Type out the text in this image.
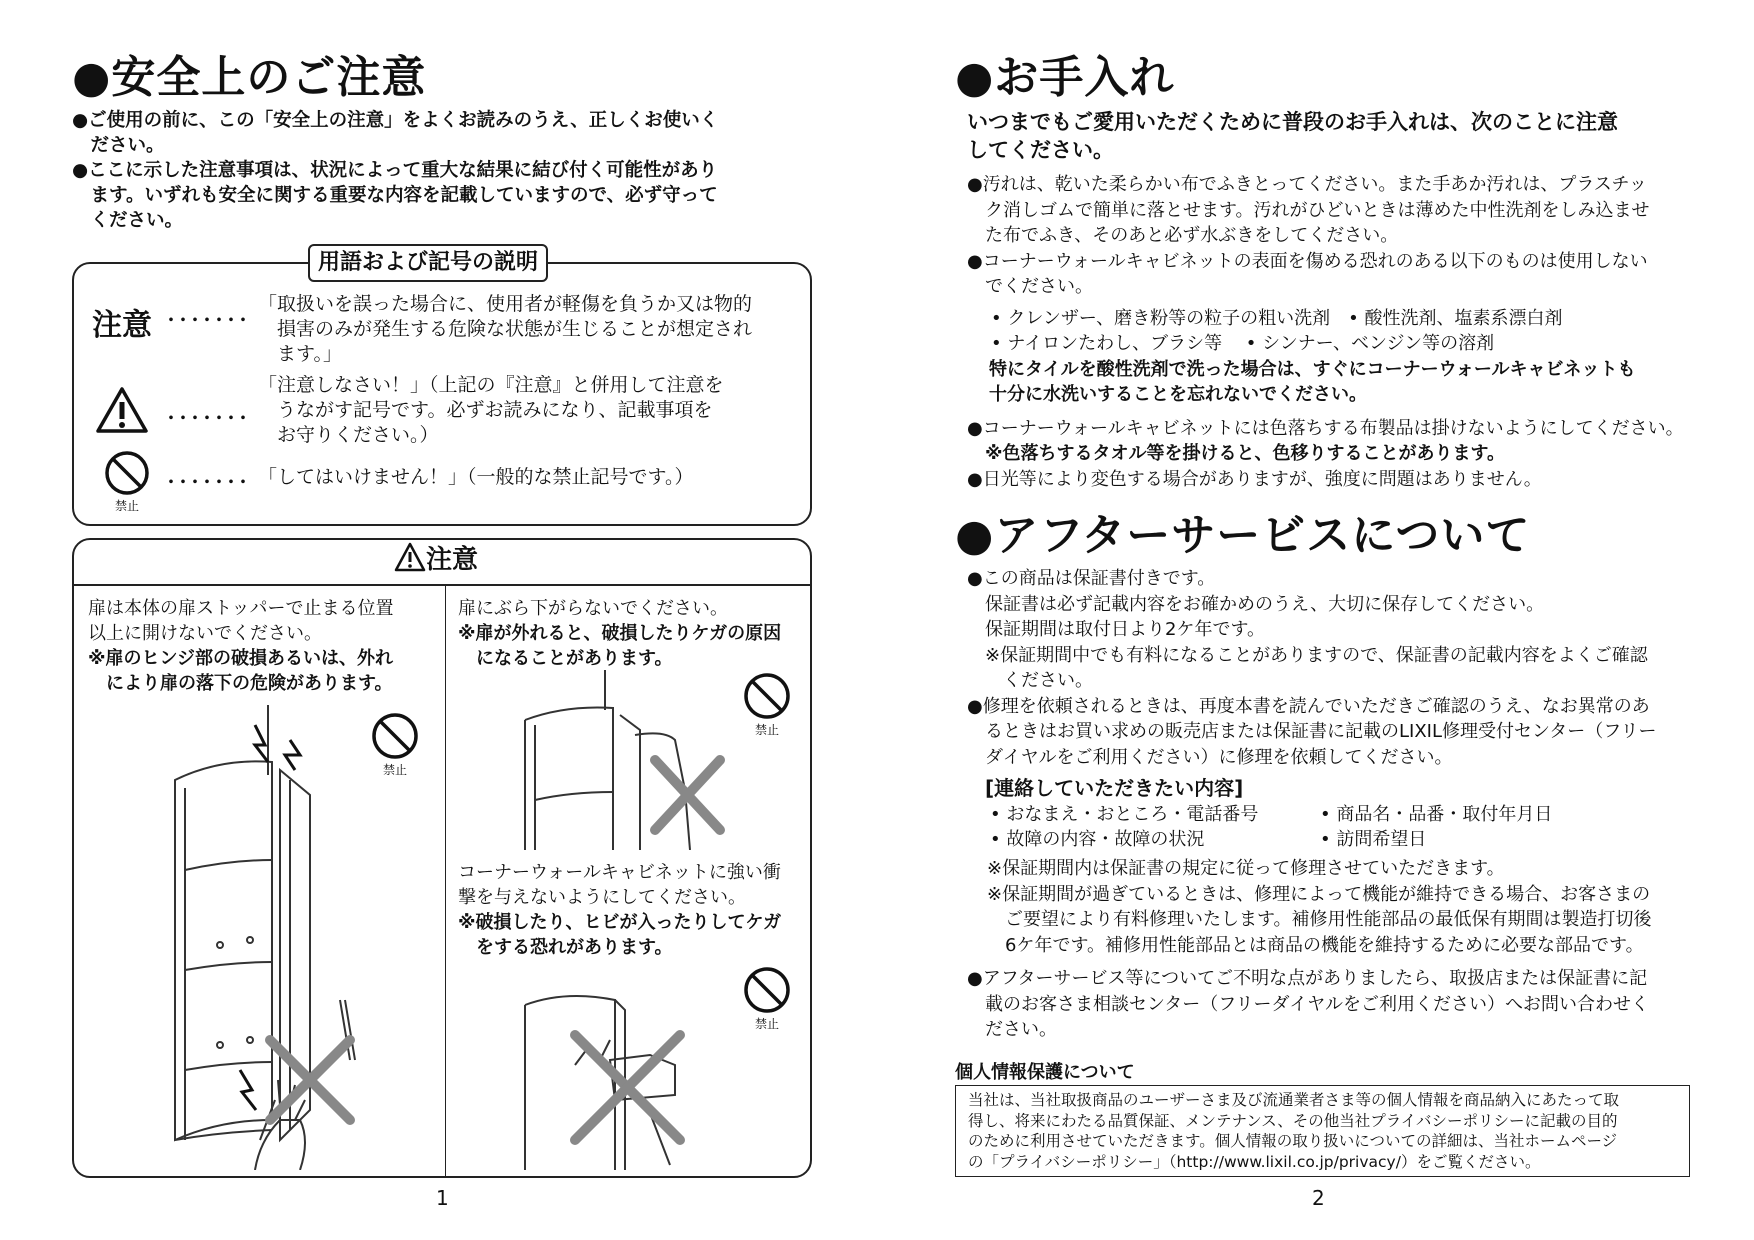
●安全上のご注意
●ご使用の前に、この「安全上の注意」をよくお読みのうえ、正しくお使いく
　ださい。
●ここに示した注意事項は、状況によって重大な結果に結び付く可能性があり
　ます。いずれも安全に関する重要な内容を記載していますので、必ず守って
　ください。
用語および記号の説明
注意 ･･･････
「取扱いを誤った場合に、使用者が軽傷を負うか又は物的
　損害のみが発生する危険な状態が生じることが想定され
　ます。」
･･･････
「注意しなさい！」（上記の『注意』と併用して注意を
　うながす記号です。必ずお読みになり、記載事項を
　お守りください。）
禁止
･･･････ 「してはいけません！」（一般的な禁止記号です。）
注意
扉は本体の扉ストッパーで止まる位置
以上に開けないでください。
※扉のヒンジ部の破損あるいは、外れ
　により扉の落下の危険があります。
禁止
扉にぶら下がらないでください。
※扉が外れると、破損したりケガの原因
　になることがあります。
禁止
コーナーウォールキャビネットに強い衝
撃を与えないようにしてください。
※破損したり、ヒビが入ったりしてケガ
　をする恐れがあります。
禁止
1
●お手入れ
いつまでもご愛用いただくために普段のお手入れは、次のことに注意
してください。
●汚れは、乾いた柔らかい布でふきとってください。また手あか汚れは、プラスチッ
　ク消しゴムで簡単に落とせます。汚れがひどいときは薄めた中性洗剤をしみ込ませ
　た布でふき、そのあと必ず水ぶきをしてください。
●コーナーウォールキャビネットの表面を傷める恐れのある以下のものは使用しない
　でください。
• クレンザー、磨き粉等の粒子の粗い洗剤　• 酸性洗剤、塩素系漂白剤
• ナイロンたわし、ブラシ等　 • シンナー、ベンジン等の溶剤
特にタイルを酸性洗剤で洗った場合は、すぐにコーナーウォールキャビネットも
十分に水洗いすることを忘れないでください。
●コーナーウォールキャビネットには色落ちする布製品は掛けないようにしてください。
　※色落ちするタオル等を掛けると、色移りすることがあります。
●日光等により変色する場合がありますが、強度に問題はありません。
●アフターサービスについて
●この商品は保証書付きです。
　保証書は必ず記載内容をお確かめのうえ、大切に保存してください。
　保証期間は取付日より2ケ年です。
　※保証期間中でも有料になることがありますので、保証書の記載内容をよくご確認
　　ください。
●修理を依頼されるときは、再度本書を読んでいただきご確認のうえ、なお異常のあ
　るときはお買い求めの販売店または保証書に記載のLIXIL修理受付センター（フリー
　ダイヤルをご利用ください）に修理を依頼してください。
[連絡していただきたい内容]
• おなまえ・おところ・電話番号
• 故障の内容・故障の状況
• 商品名・品番・取付年月日
• 訪問希望日
※保証期間内は保証書の規定に従って修理させていただきます。
※保証期間が過ぎているときは、修理によって機能が維持できる場合、お客さまの
　ご要望により有料修理いたします。補修用性能部品の最低保有期間は製造打切後
　6ケ年です。補修用性能部品とは商品の機能を維持するために必要な部品です。
●アフターサービス等についてご不明な点がありましたら、取扱店または保証書に記
　載のお客さま相談センター（フリーダイヤルをご利用ください）へお問い合わせく
　ださい。
個人情報保護について
当社は、当社取扱商品のユーザーさま及び流通業者さま等の個人情報を商品納入にあたって取
得し、将来にわたる品質保証、メンテナンス、その他当社プライバシーポリシーに記載の目的
のために利用させていただきます。個人情報の取り扱いについての詳細は、当社ホームページ
の「プライバシーポリシー」（http://www.lixil.co.jp/privacy/）をご覧ください。
2
